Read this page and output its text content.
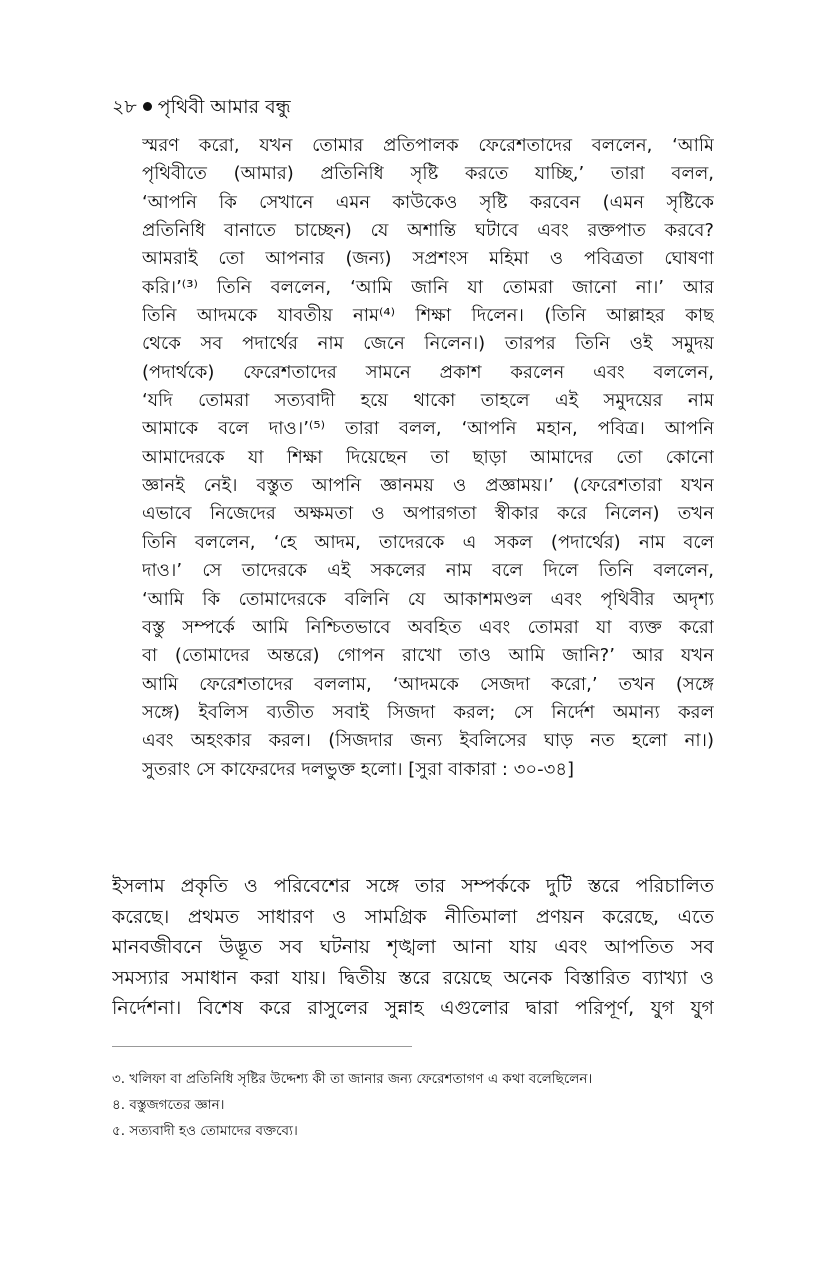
২৮ পৃথিবী আমার বন্ধু
স্মরণ করো, যখন তোমার প্রতিপালক ফেরেশতাদের বললেন, ‘আমি
পৃথিবীতে (আমার) প্রতিনিধি সৃষ্টি করতে যাচ্ছি,’ তারা বলল,
‘আপনি কি সেখানে এমন কাউকেও সৃষ্টি করবেন (এমন সৃষ্টিকে
প্রতিনিধি বানাতে চাচ্ছেন) যে অশান্তি ঘটাবে এবং রক্তপাত করবে?
আমরাই তো আপনার (জন্য) সপ্রশংস মহিমা ও পবিত্রতা ঘোষণা
করি।’⁽³⁾ তিনি বললেন, ‘আমি জানি যা তোমরা জানো না।’ আর
তিনি আদমকে যাবতীয় নাম⁽⁴⁾ শিক্ষা দিলেন। (তিনি আল্লাহর কাছ
থেকে সব পদার্থের নাম জেনে নিলেন।) তারপর তিনি ওই সমুদয়
(পদার্থকে) ফেরেশতাদের সামনে প্রকাশ করলেন এবং বললেন,
‘যদি তোমরা সত্যবাদী হয়ে থাকো তাহলে এই সমুদয়ের নাম
আমাকে বলে দাও।’⁽⁵⁾ তারা বলল, ‘আপনি মহান, পবিত্র। আপনি
আমাদেরকে যা শিক্ষা দিয়েছেন তা ছাড়া আমাদের তো কোনো
জ্ঞানই নেই। বস্তুত আপনি জ্ঞানময় ও প্রজ্ঞাময়।’ (ফেরেশতারা যখন
এভাবে নিজেদের অক্ষমতা ও অপারগতা স্বীকার করে নিলেন) তখন
তিনি বললেন, ‘হে আদম, তাদেরকে এ সকল (পদার্থের) নাম বলে
দাও।’ সে তাদেরকে এই সকলের নাম বলে দিলে তিনি বললেন,
‘আমি কি তোমাদেরকে বলিনি যে আকাশমণ্ডল এবং পৃথিবীর অদৃশ্য
বস্তু সম্পর্কে আমি নিশ্চিতভাবে অবহিত এবং তোমরা যা ব্যক্ত করো
বা (তোমাদের অন্তরে) গোপন রাখো তাও আমি জানি?’ আর যখন
আমি ফেরেশতাদের বললাম, ‘আদমকে সেজদা করো,’ তখন (সঙ্গে
সঙ্গে) ইবলিস ব্যতীত সবাই সিজদা করল; সে নির্দেশ অমান্য করল
এবং অহংকার করল। (সিজদার জন্য ইবলিসের ঘাড় নত হলো না।)
সুতরাং সে কাফেরদের দলভুক্ত হলো। [সুরা বাকারা : ৩০-৩৪]
ইসলাম প্রকৃতি ও পরিবেশের সঙ্গে তার সম্পর্ককে দুটি স্তরে পরিচালিত
করেছে। প্রথমত সাধারণ ও সামগ্রিক নীতিমালা প্রণয়ন করেছে, এতে
মানবজীবনে উদ্ভূত সব ঘটনায় শৃঙ্খলা আনা যায় এবং আপতিত সব
সমস্যার সমাধান করা যায়। দ্বিতীয় স্তরে রয়েছে অনেক বিস্তারিত ব্যাখ্যা ও
নির্দেশনা। বিশেষ করে রাসুলের সুন্নাহ এগুলোর দ্বারা পরিপূর্ণ, যুগ যুগ
৩. খলিফা বা প্রতিনিধি সৃষ্টির উদ্দেশ্য কী তা জানার জন্য ফেরেশতাগণ এ কথা বলেছিলেন।
৪. বস্তুজগতের জ্ঞান।
৫. সত্যবাদী হও তোমাদের বক্তব্যে।
